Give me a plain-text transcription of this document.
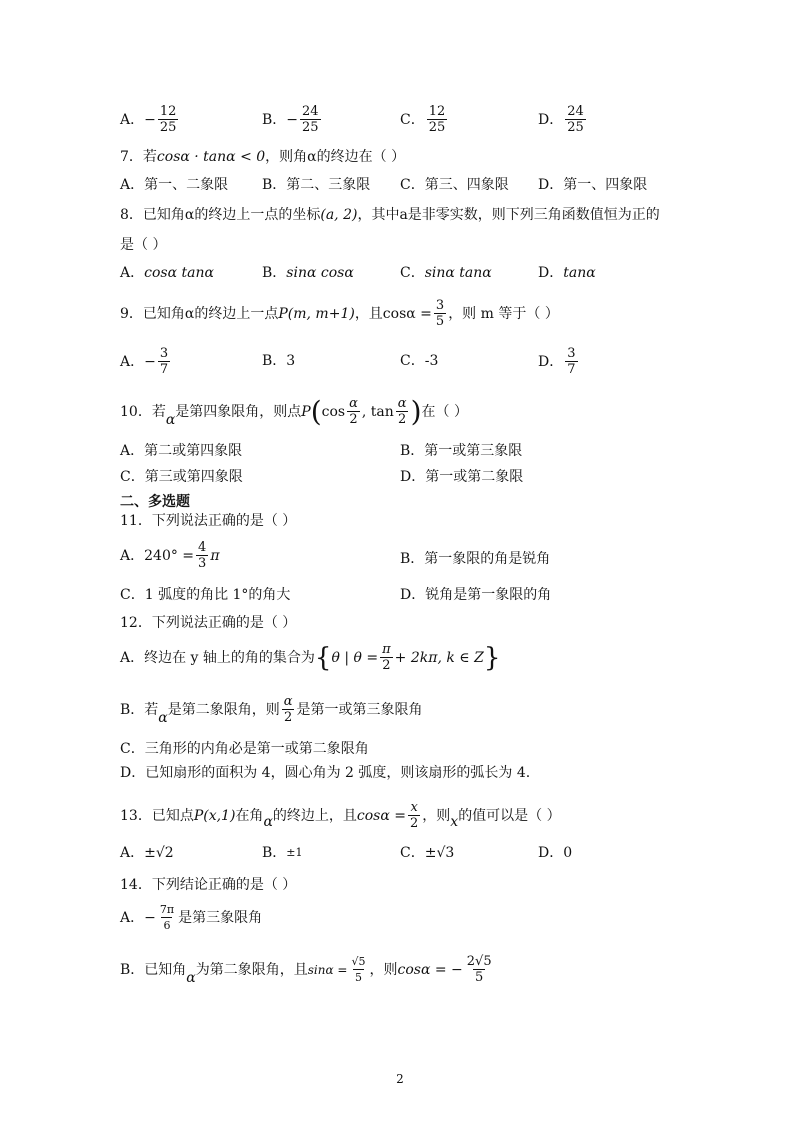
A． − $\frac{12}{25}$	B． − $\frac{24}{25}$	C． $\frac{12}{25}$	D． $\frac{24}{25}$
7．若cosα · tanα < 0，则角α的终边在（ ）
A．第一、二象限 B．第二、三象限 C．第三、四象限 D．第一、四象限
8．已知角α的终边上一点的坐标(a, 2)，其中a是非零实数，则下列三角函数值恒为正的
是（ ）
A． cosα tanα	B． sinα cosα	C． sinα tanα	D． tanα
9．已知角α的终边上一点 P(m, m+1) ，且$\cos\alpha = \frac{3}{5}$ ，则 m 等于（ ）
A． − $\frac{3}{7}$	B．3	C．-3	D． $\frac{3}{7}$
10．若 α 是第四象限角，则点 P ( $\cos \frac{\alpha}{2}$ , $\tan \frac{\alpha}{2}$ ) 在（ ）
A．第二或第四象限	B．第一或第三象限
C．第三或第四象限	D．第一或第二象限
二、多选题
11．下列说法正确的是（ ）
A． $240^\circ = \frac{4}{3}$ π	B．第一象限的角是锐角
C．1 弧度的角比 1°的角大	D．锐角是第一象限的角
12．下列说法正确的是（ ）
A．终边在 y 轴上的角的集合为 { θ | $\theta = \frac{\pi}{2} + 2k\pi$, k ∈ Z }
B．若 α 是第二象限角，则 $\frac{\alpha}{2}$ 是第一或第三象限角
C．三角形的内角必是第一或第二象限角
D．已知扇形的面积为 4，圆心角为 2 弧度，则该扇形的弧长为 4.
13．已知点 P(x,1) 在角 α 的终边上，且 $\cos\alpha = \frac{x}{2}$ ，则 x 的值可以是（ ）
A．±√2	B． ±1	C．±√3	D．0
14．下列结论正确的是（ ）
A． − $\frac{7\pi}{6}$ 是第三象限角
B．已知角 α 为第二象限角，且 $\sin\alpha = \frac{√5}{5}$ ，则 cosα = − $\frac{2√5}{5}$
2
